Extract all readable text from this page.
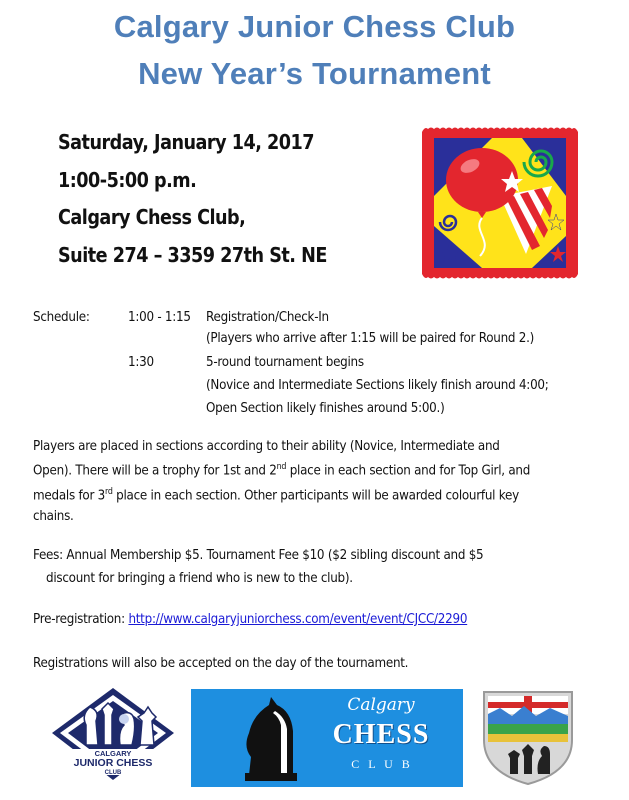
Calgary Junior Chess Club
New Year’s Tournament
Saturday, January 14, 2017
1:00-5:00 p.m.
Calgary Chess Club,
Suite 274 – 3359 27th St. NE
Schedule:	1:00 - 1:15 Registration/Check-In
(Players who arrive after 1:15 will be paired for Round 2.)
1:30	5-round tournament begins
(Novice and Intermediate Sections likely finish around 4:00;
Open Section likely finishes around 5:00.)
Players are placed in sections according to their ability (Novice, Intermediate and
Open). There will be a trophy for 1st and 2nd place in each section and for Top Girl, and
medals for 3rd place in each section. Other participants will be awarded colourful key
chains.
Fees: Annual Membership $5. Tournament Fee $10 ($2 sibling discount and $5
discount for bringing a friend who is new to the club).
Pre-registration: http://www.calgaryjuniorchess.com/event/event/CJCC/2290
Registrations will also be accepted on the day of the tournament.
CALGARY
JUNIOR CHESS
CLUB
Calgary
CHESS
C L U B
